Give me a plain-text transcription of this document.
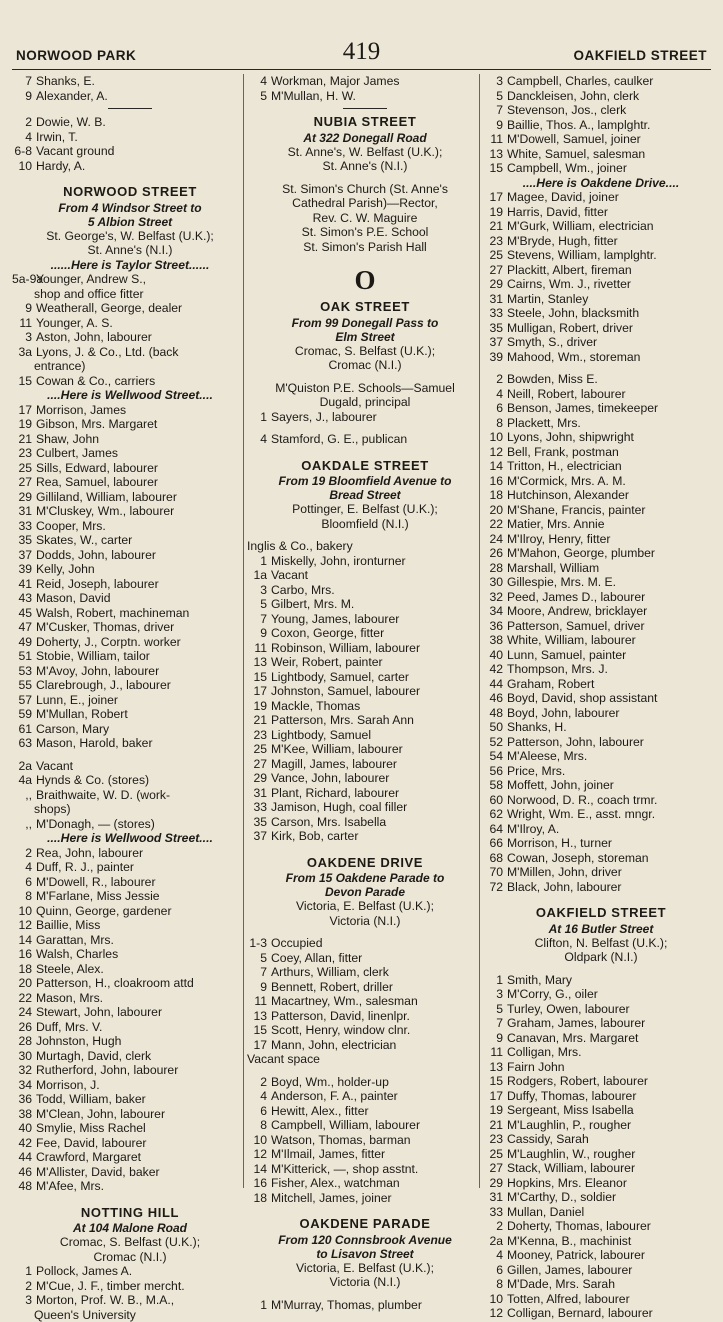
NORWOOD PARK	419	OAKFIELD STREET
7 Shanks, E.
9 Alexander, A.
2 Dowie, W. B.
4 Irwin, T.
6-8 Vacant ground
10 Hardy, A.
NORWOOD STREET
From 4 Windsor Street to
5 Albion Street
St. George's, W. Belfast (U.K.);
St. Anne's (N.I.)
......Here is Taylor Street......
5a-9aYounger, Andrew S.,
shop and office fitter
9 Weatherall, George, dealer
11 Younger, A. S.
3 Aston, John, labourer
3a Lyons, J. & Co., Ltd. (back
entrance)
15 Cowan & Co., carriers
....Here is Wellwood Street....
17 Morrison, James
19 Gibson, Mrs. Margaret
21 Shaw, John
23 Culbert, James
25 Sills, Edward, labourer
27 Rea, Samuel, labourer
29 Gilliland, William, labourer
31 M'Cluskey, Wm., labourer
33 Cooper, Mrs.
35 Skates, W., carter
37 Dodds, John, labourer
39 Kelly, John
41 Reid, Joseph, labourer
43 Mason, David
45 Walsh, Robert, machineman
47 M'Cusker, Thomas, driver
49 Doherty, J., Corptn. worker
51 Stobie, William, tailor
53 M'Avoy, John, labourer
55 Clarebrough, J., labourer
57 Lunn, E., joiner
59 M'Mullan, Robert
61 Carson, Mary
63 Mason, Harold, baker
2a Vacant
4a Hynds & Co. (stores)
,, Braithwaite, W. D. (work-
shops)
,, M'Donagh, — (stores)
....Here is Wellwood Street....
2 Rea, John, labourer
4 Duff, R. J., painter
6 M'Dowell, R., labourer
8 M'Farlane, Miss Jessie
10 Quinn, George, gardener
12 Baillie, Miss
14 Garattan, Mrs.
16 Walsh, Charles
18 Steele, Alex.
20 Patterson, H., cloakroom attd
22 Mason, Mrs.
24 Stewart, John, labourer
26 Duff, Mrs. V.
28 Johnston, Hugh
30 Murtagh, David, clerk
32 Rutherford, John, labourer
34 Morrison, J.
36 Todd, William, baker
38 M'Clean, John, labourer
40 Smylie, Miss Rachel
42 Fee, David, labourer
44 Crawford, Margaret
46 M'Allister, David, baker
48 M'Afee, Mrs.
NOTTING HILL
At 104 Malone Road
Cromac, S. Belfast (U.K.);
Cromac (N.I.)
1 Pollock, James A.
2 M'Cue, J. F., timber mercht.
3 Morton, Prof. W. B., M.A.,
Queen's University
4 Workman, Major James
5 M'Mullan, H. W.
NUBIA STREET
At 322 Donegall Road
St. Anne's, W. Belfast (U.K.);
St. Anne's (N.I.)
St. Simon's Church (St. Anne's
Cathedral Parish)—Rector,
Rev. C. W. Maguire
St. Simon's P.E. School
St. Simon's Parish Hall
O
OAK STREET
From 99 Donegall Pass to
Elm Street
Cromac, S. Belfast (U.K.);
Cromac (N.I.)
M'Quiston P.E. Schools—Samuel
Dugald, principal
1 Sayers, J., labourer
4 Stamford, G. E., publican
OAKDALE STREET
From 19 Bloomfield Avenue to
Bread Street
Pottinger, E. Belfast (U.K.);
Bloomfield (N.I.)
Inglis & Co., bakery
1 Miskelly, John, ironturner
1a Vacant
3 Carbo, Mrs.
5 Gilbert, Mrs. M.
7 Young, James, labourer
9 Coxon, George, fitter
11 Robinson, William, labourer
13 Weir, Robert, painter
15 Lightbody, Samuel, carter
17 Johnston, Samuel, labourer
19 Mackle, Thomas
21 Patterson, Mrs. Sarah Ann
23 Lightbody, Samuel
25 M'Kee, William, labourer
27 Magill, James, labourer
29 Vance, John, labourer
31 Plant, Richard, labourer
33 Jamison, Hugh, coal filler
35 Carson, Mrs. Isabella
37 Kirk, Bob, carter
OAKDENE DRIVE
From 15 Oakdene Parade to
Devon Parade
Victoria, E. Belfast (U.K.);
Victoria (N.I.)
1-3 Occupied
5 Coey, Allan, fitter
7 Arthurs, William, clerk
9 Bennett, Robert, driller
11 Macartney, Wm., salesman
13 Patterson, David, linenlpr.
15 Scott, Henry, window clnr.
17 Mann, John, electrician
Vacant space
2 Boyd, Wm., holder-up
4 Anderson, F. A., painter
6 Hewitt, Alex., fitter
8 Campbell, William, labourer
10 Watson, Thomas, barman
12 M'Ilmail, James, fitter
14 M'Kitterick, —, shop asstnt.
16 Fisher, Alex., watchman
18 Mitchell, James, joiner
OAKDENE PARADE
From 120 Connsbrook Avenue
to Lisavon Street
Victoria, E. Belfast (U.K.);
Victoria (N.I.)
1 M'Murray, Thomas, plumber
3 Campbell, Charles, caulker
5 Danckleisen, John, clerk
7 Stevenson, Jos., clerk
9 Baillie, Thos. A., lamplghtr.
11 M'Dowell, Samuel, joiner
13 White, Samuel, salesman
15 Campbell, Wm., joiner
....Here is Oakdene Drive....
17 Magee, David, joiner
19 Harris, David, fitter
21 M'Gurk, William, electrician
23 M'Bryde, Hugh, fitter
25 Stevens, William, lamplghtr.
27 Plackitt, Albert, fireman
29 Cairns, Wm. J., rivetter
31 Martin, Stanley
33 Steele, John, blacksmith
35 Mulligan, Robert, driver
37 Smyth, S., driver
39 Mahood, Wm., storeman
2 Bowden, Miss E.
4 Neill, Robert, labourer
6 Benson, James, timekeeper
8 Plackett, Mrs.
10 Lyons, John, shipwright
12 Bell, Frank, postman
14 Tritton, H., electrician
16 M'Cormick, Mrs. A. M.
18 Hutchinson, Alexander
20 M'Shane, Francis, painter
22 Matier, Mrs. Annie
24 M'Ilroy, Henry, fitter
26 M'Mahon, George, plumber
28 Marshall, William
30 Gillespie, Mrs. M. E.
32 Peed, James D., labourer
34 Moore, Andrew, bricklayer
36 Patterson, Samuel, driver
38 White, William, labourer
40 Lunn, Samuel, painter
42 Thompson, Mrs. J.
44 Graham, Robert
46 Boyd, David, shop assistant
48 Boyd, John, labourer
50 Shanks, H.
52 Patterson, John, labourer
54 M'Aleese, Mrs.
56 Price, Mrs.
58 Moffett, John, joiner
60 Norwood, D. R., coach trmr.
62 Wright, Wm. E., asst. mngr.
64 M'Ilroy, A.
66 Morrison, H., turner
68 Cowan, Joseph, storeman
70 M'Millen, John, driver
72 Black, John, labourer
OAKFIELD STREET
At 16 Butler Street
Clifton, N. Belfast (U.K.);
Oldpark (N.I.)
1 Smith, Mary
3 M'Corry, G., oiler
5 Turley, Owen, labourer
7 Graham, James, labourer
9 Canavan, Mrs. Margaret
11 Colligan, Mrs.
13 Fairn John
15 Rodgers, Robert, labourer
17 Duffy, Thomas, labourer
19 Sergeant, Miss Isabella
21 M'Laughlin, P., rougher
23 Cassidy, Sarah
25 M'Laughlin, W., rougher
27 Stack, William, labourer
29 Hopkins, Mrs. Eleanor
31 M'Carthy, D., soldier
33 Mullan, Daniel
2 Doherty, Thomas, labourer
2a M'Kenna, B., machinist
4 Mooney, Patrick, labourer
6 Gillen, James, labourer
8 M'Dade, Mrs. Sarah
10 Totten, Alfred, labourer
12 Colligan, Bernard, labourer
